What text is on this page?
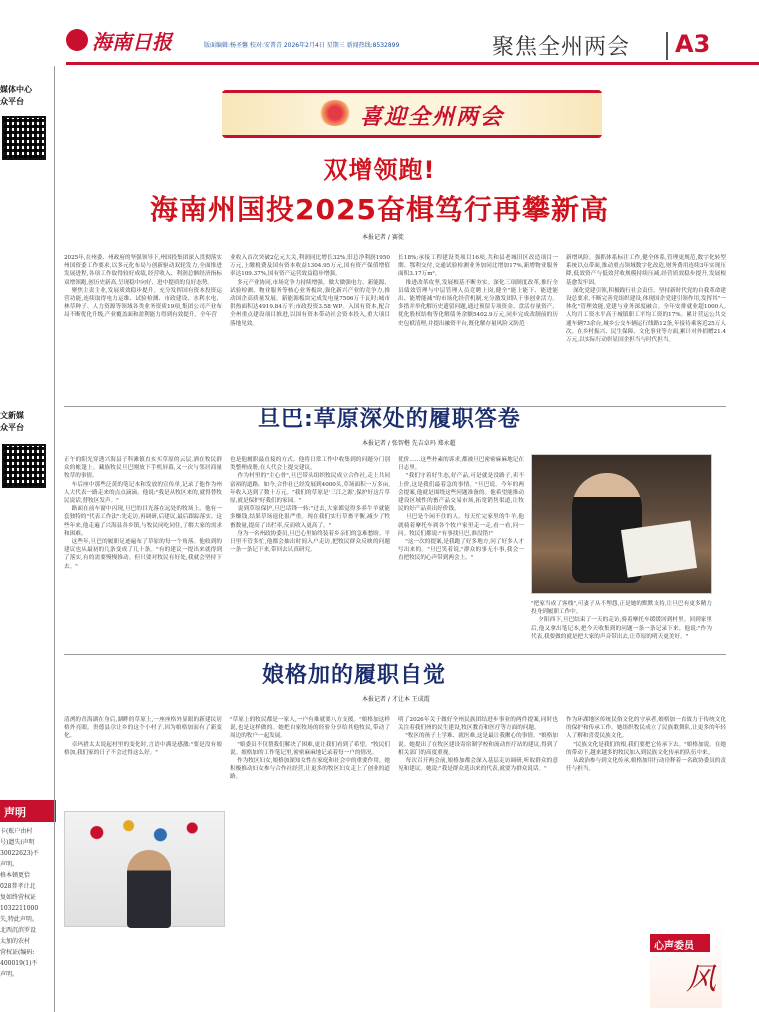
海南日报	版面编辑:杨圣馨 校对:安普青 2026年2月4日 星期三 新闻热线:8532899	聚焦全州两会 A3
媒体中心
众平台
文新媒
众平台
声明
卡(账户由村
号)遗失(声明
30022623)不
声明。
格本顿更恰
028普孝计北
复如终营权证
1032211000
失,特此声明。
北西沉滨罗设
太加的农村
营权证(编码:
400019(1)不
声明。
喜迎全州两会
双增领跑!
海南州国投2025奋楫笃行再攀新高
本报记者 / 赛徙
2025年,在州委、州政府的坚强领导下,州国投集团深入贯彻落实州国资委工作要求,以多元化布局与创新驱动双轮发力,全面推进发展进程,各项工作取得较好成绩,经营收入、利润总额经济指标双增领跑,创历史新高,呈现稳中向好、进中提质的良好态势。
聚焦主责主业,发展质效稳步提升。充分发挥国有资本投资运营功能,连续取得电力运维、试验检测、市政建设、水利水电、林草种子、人力资源等领域各类业务资质19项,集团公司产业布局不断优化升级,产业覆盖面和盈利能力得到有效提升。全年营
业收入首次突破2亿元大关,利润同比增长32%,旧总净利润1950万元,上缴税费及国有资本收益1304.95万元,国有资产保值增值率达109.37%,国有资产运营效益稳步增强。
多元产业协同,市场竞争力持续增强。做大做强电力、新能源、试验检测、物业服务等核心业务板块,强化新兴产业的竞争力,推动国企高质量发展。新能源板块完成发电量7506万千瓦时;城市供热面积达4919.84万平;市政投资3.58 WP。入国有资本,配合全州重点建设项目推进,以国有资本带动社会资本投入,重大项目落地见效。
长18%;承接工程建设类项目16项,共和县老城旧区改造项目一期、鄂利交付,交通试验检测业务加同比增加17%,新增物业服务面积3.17万m²。
推进改革攻坚,发展根基不断夯实。深化三项制度改革,推行全员绩效管理与中层管理人员竞聘上岗,健全"能上能下、能进能出、能增能减"的市场化经营机制,充分激发团队干事创业活力。多措并举化解历史遗留问题,通过预留专项资金、盘活存量资产、优化股权结构等化解债务余额5402.9万元,同步完成改制前的历史包袱清理,并提出融资平台,既化解存量风险又防范
新增风险。强抓体系标注工作,健全体系,管理更规范,数字化转型系统以点带面,推动重点领域数字化改造,财务费用连续3年实现压降,低效资产与低效营收规模持续压减,经营质效稳步提升,发展根基愈发牢固。
深化党建引领,积极践行社会责任。坚持新时代党的自我革命建设总要求,不断完善党组织建设,体现国企党建引领作用,发挥其"一体化"管理效能,党建与业务深度融合。全年安排就业超1000人,人均月工资水平高于城镇职工平均工资的17%。累计营运公共交通车辆73余台,城乡公交车辆运行线路12条,年接待乘客近25万人次。在乡村振兴、民生保障、文化事业等方面,累计对外捐赠21.4万元,以实际行动彰显国企担当与时代担当。
旦巴:草原深处的履职答卷
本报记者 / 张智楷 先吉卓玛 郑永超
正午的阳光穿透兴海县子科滩镇直亥买草原的云层,洒在牧民群众的帐篷上。藏族牧民旦巴刚放下手机屏幕,又一次与邻居商量牧草的事情。
车后座中那些泛黄的笔记本和发放的宣传单,记录了他作为州人大代表一路走来的点点滴滴。他说:"我是从牧区来的,就得替牧民说话,替牧区发声。"
路面在前车窗中闪现,旦巴的目光落在远处的牧场上。他有一套独特的"代表工作法":先走访,再调研,后建议,最后跟踪落实。这些年来,他走遍了兴海县各乡镇,与牧民同吃同住,了解大家的需求和困难。
这些年,旦巴的履职足迹遍布了草原的每一个角落。他收到的建议也从最初的几条变成了几十条。"有的建议一提出来就得到了落实,有的需要慢慢推动。但只要对牧民有好处,我就会坚持下去。"
也是他履职最直接的方式。他将日常工作中收集到的问题分门别类整理成册,在人代会上提交建议。
作为村里的"主心骨",旦巴带头组织牧民成立合作社,走上共同富裕的道路。如今,合作社已经发展到4000头,草场面积一万多亩,年收入达到了数十万元。"我们的草原是'三江之源',保护好这片草原,就是保护好我们的家园。"
说到草原保护,旦巴话锋一转:"过去,大家都觉得多养牛羊就能多赚钱,结果草场退化很严重。现在我们实行草畜平衡,减少了牲畜数量,提高了出栏率,反而收入更高了。"
身为一名州政协委员,旦巴心里始终装着乡亲们的急难愁盼。平日里不管多忙,他都会抽出时间入户走访,把牧民群众反映的问题一条一条记下来,带回去认真研究。
优价……这些朴素的诉求,都被旦巴密密麻麻地记在日志里。
"我们守着好生态,好产品,可是就是没路子,卖不上价,这是我们最着急的事情。"旦巴说。今年的两会提案,他就是围绕这些问题准备的。他希望能推动建设区域性的畜产品交易市场,拓宽销售渠道,让牧民的好产品卖出好价钱。
旦巴是个闲不住的人。每天忙完家里的牛羊,他就骑着摩托车到各个牧户家里走一走,看一看,问一问。牧民们都说:"有事找旦巴,准没错!"
"这一次的提案,是我跑了好多地方,问了好多人才写出来的。"旦巴笑着说,"群众的事无小事,我会一直把牧民的心声带到两会上。"
"把家当成了客栈",可妻子从不埋怨,正是她的默默支持,让旦巴有更多精力投身到履职工作中。
夕阳西下,旦巴结束了一天的走访,骑着摩托车缓缓回到村里。回到家里后,他又拿出笔记本,把今天收集到的问题一条一条记录下来。他说:"作为代表,我要做的就是把大家的声音带出去,让草原的明天更美好。"
娘格加的履职自觉
本报记者 / 才让本 王成霞
清冽的青海湖在身后,湖畔的草原上,一座座格外显眼的新建民居格外亮眼。贵德县尕让乡的这个小村子,因为娘格加而有了新变化。
卓玛措太太说起村里的变化时,言语中满是感激:"要是没有娘格加,我们家的日子不会过得这么好。"
"草原上的牧民都是一家人,一户有难就要八方支援。"娘格加这样说,也是这样做的。她把自家牧场的经验分享给其他牧民,带动了周边的牧户一起发展。
"娘委员不仅帮我们解决了困难,更让我们看到了希望。"牧民们说。娘格加的工作笔记里,密密麻麻地记录着每一户的情况。
作为牧区妇女,娘格加深知女性在家庭和社会中的重要作用。她积极推动妇女参与合作社经营,让更多的牧区妇女走上了创业的道路。
明了2026年关于做好全州民族团结进步事业的两件提案,同时也关注着我们州的民生建设,牧区教育和医疗等方面的问题。
"牧区的孩子上学难、就医难,这是最让我揪心的事情。"娘格加说。她提出了在牧区建设寄宿制学校和流动医疗站的建议,得到了相关部门的高度重视。
每次召开两会前,娘格加都会深入基层走访调研,听取群众的意见和建议。她说:"我是群众选出来的代表,就要为群众说话。"
作为环湖地区传统民俗文化的守承者,娘格加一直致力于传统文化的保护和传承工作。她组织牧民成立了民族歌舞队,让更多的年轻人了解和喜爱民族文化。
"民族文化是我们的根,我们要把它传承下去。"娘格加说。在她的带动下,越来越多的牧民加入到民族文化传承的队伍中来。
从政治参与到文化传承,娘格加用行动诠释着一名政协委员的责任与担当。
心声委员
风
